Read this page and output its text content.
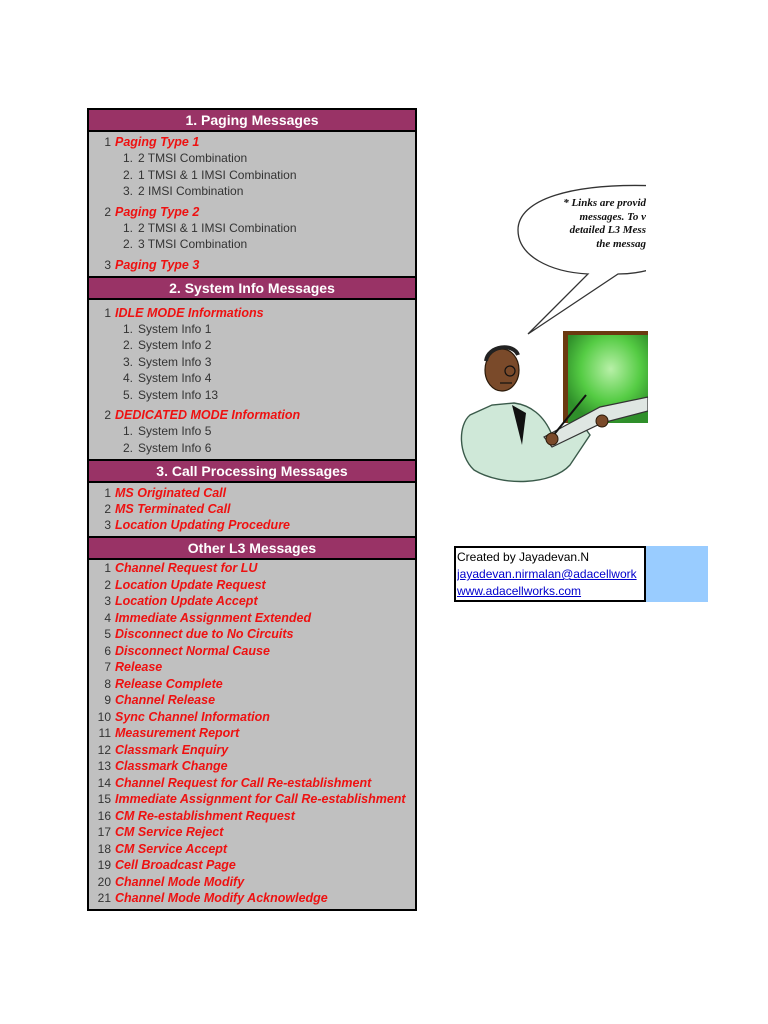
1. Paging Messages
1 Paging Type 1
1. 2 TMSI Combination
2. 1 TMSI & 1 IMSI Combination
3. 2 IMSI Combination
2 Paging Type 2
1. 2 TMSI & 1 IMSI Combination
2. 3 TMSI Combination
3 Paging Type 3
2. System Info Messages
1 IDLE MODE Informations
1. System Info 1
2. System Info 2
3. System Info 3
4. System Info 4
5. System Info 13
2 DEDICATED MODE Information
1. System Info 5
2. System Info 6
3. Call Processing Messages
1 MS Originated Call
2 MS Terminated Call
3 Location Updating Procedure
Other L3 Messages
1 Channel Request for LU
2 Location Update Request
3 Location Update Accept
4 Immediate Assignment Extended
5 Disconnect due to No Circuits
6 Disconnect Normal Cause
7 Release
8 Release Complete
9 Channel Release
10 Sync Channel Information
11 Measurement Report
12 Classmark Enquiry
13 Classmark Change
14 Channel Request for Call Re-establishment
15 Immediate Assignment for Call Re-establishment
16 CM Re-establishment Request
17 CM Service Reject
18 CM Service Accept
19 Cell Broadcast Page
20 Channel Mode Modify
21 Channel Mode Modify Acknowledge
* Links are provid
messages. To v
detailed L3 Mess
the messag
Created by Jayadevan.N
jayadevan.nirmalan@adacellwork
www.adacellworks.com
